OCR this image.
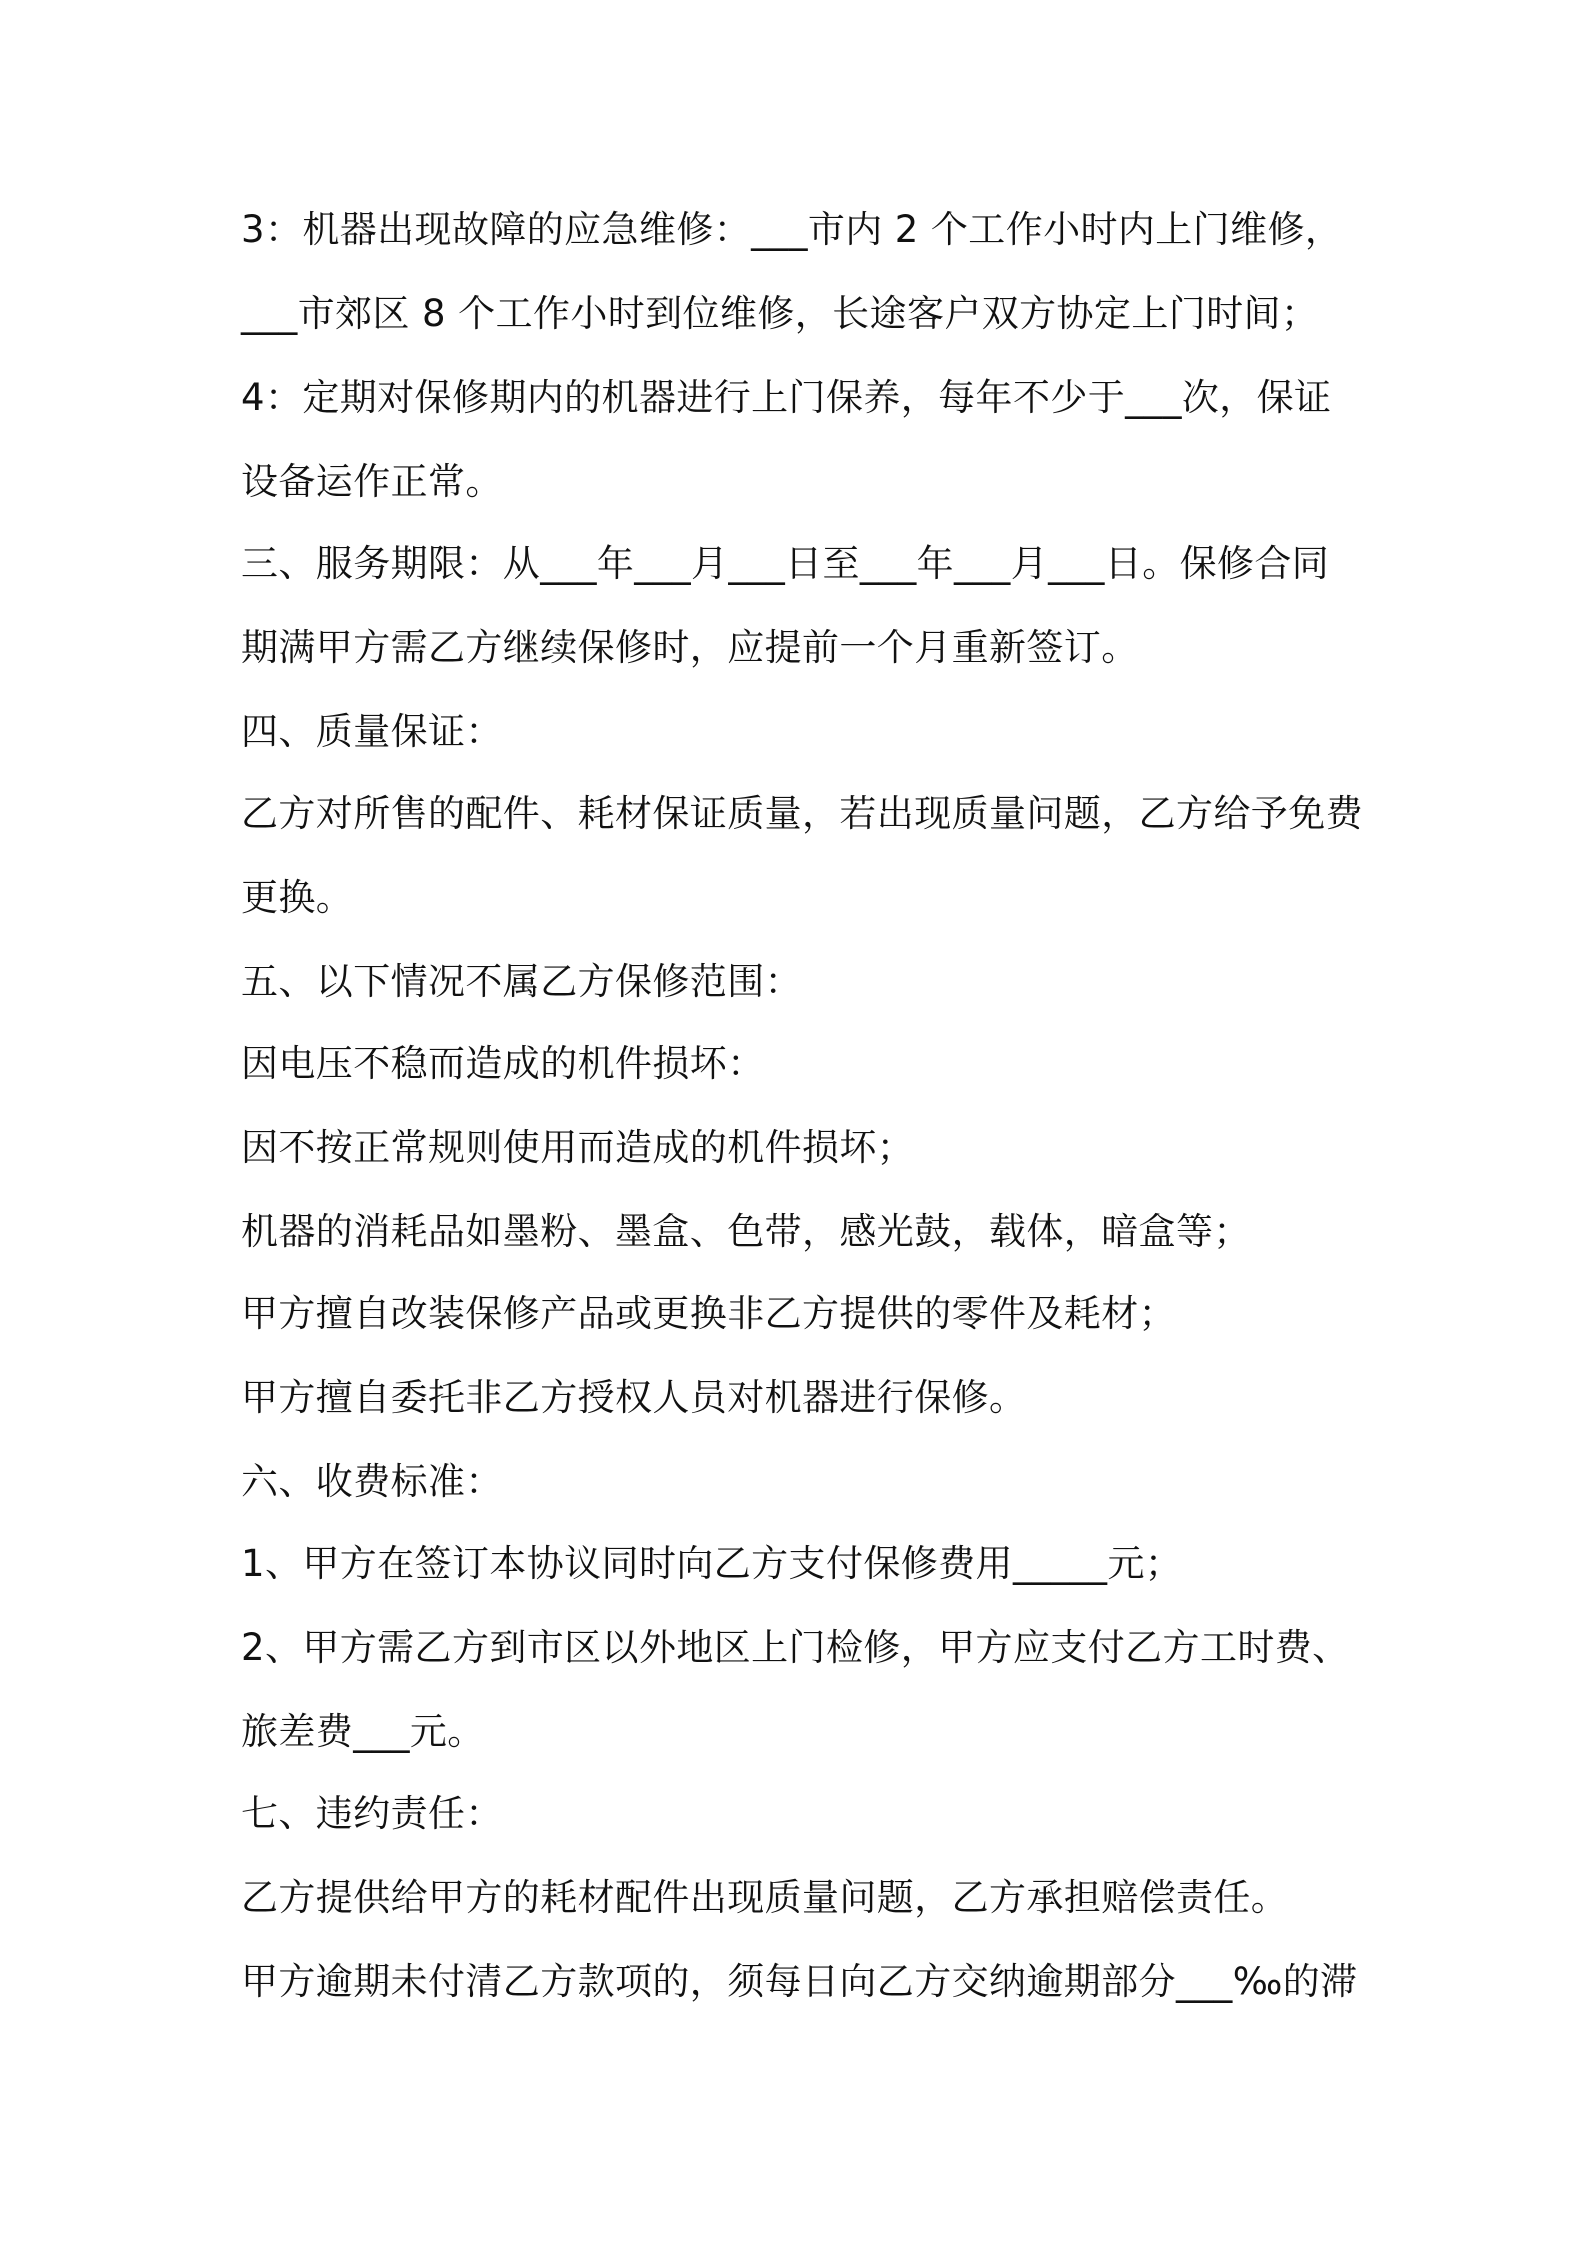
3：机器出现故障的应急维修：___市内 2 个工作小时内上门维修，

___市郊区 8 个工作小时到位维修，长途客户双方协定上门时间；

4：定期对保修期内的机器进行上门保养，每年不少于___次，保证

设备运作正常。

三、服务期限：从___年___月___日至___年___月___日。保修合同

期满甲方需乙方继续保修时，应提前一个月重新签订。

四、质量保证：

乙方对所售的配件、耗材保证质量，若出现质量问题，乙方给予免费

更换。

五、以下情况不属乙方保修范围：

因电压不稳而造成的机件损坏：

因不按正常规则使用而造成的机件损坏；

机器的消耗品如墨粉、墨盒、色带，感光鼓，载体，暗盒等；

甲方擅自改装保修产品或更换非乙方提供的零件及耗材；

甲方擅自委托非乙方授权人员对机器进行保修。

六、收费标准：

1、甲方在签订本协议同时向乙方支付保修费用_____元；

2、甲方需乙方到市区以外地区上门检修，甲方应支付乙方工时费、

旅差费___元。

七、违约责任：

乙方提供给甲方的耗材配件出现质量问题，乙方承担赔偿责任。

甲方逾期未付清乙方款项的，须每日向乙方交纳逾期部分___‰的滞
